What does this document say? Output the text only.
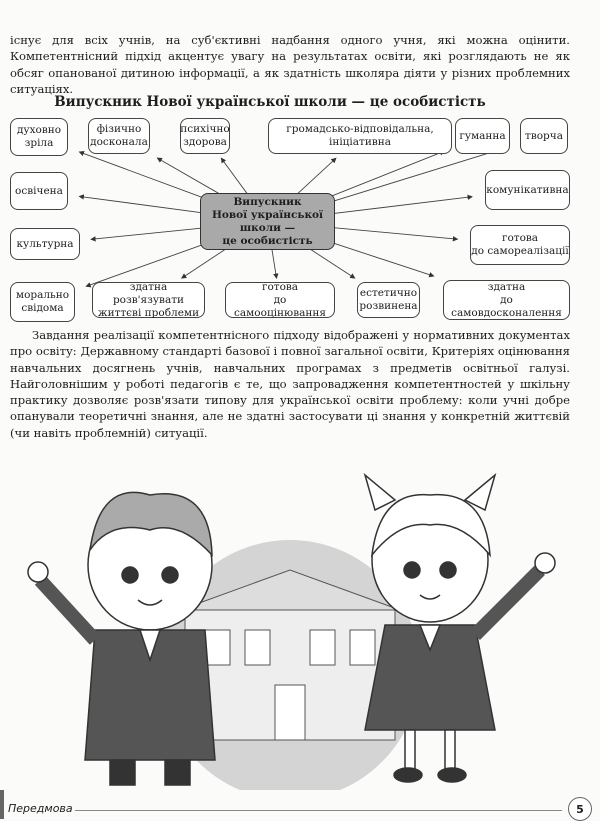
існує для всіх учнів, на суб'єктивні надбання одного учня, які можна оцінити. Компетентнісний підхід акцентує увагу на результатах освіти, які розглядають не як обсяг опанованої дитиною інформації, а як здатність школяра діяти у різних проблемних ситуаціях.
Випускник Нової української школи — це особистість
Випускник
Нової української школи —
це особистість
духовно
зріла
фізично
досконала
психічно
здорова
громадсько-відповідальна,
ініціативна
гуманна творча
освічена	комунікативна
культурна	готова
до самореалізації
морально
свідома
здатна розв'язувати
життєві проблеми
готова
до самооцінювання
естетично
розвинена
здатна
до самовдосконалення
Завдання реалізації компетентнісного підходу відображені у нормативних документах про освіту: Державному стандарті базової і повної загальної освіти, Критеріях оцінювання навчальних досягнень учнів, навчальних програмах з предметів освітньої галузі. Найголовнішим у роботі педагогів є те, що запровадження компетентностей у шкільну практику дозволяє розв'язати типову для української освіти проблему: коли учні добре опанували теоретичні знання, але не здатні застосувати ці знання у конкретній життєвій (чи навіть проблемній) ситуації.
Передмова	5
